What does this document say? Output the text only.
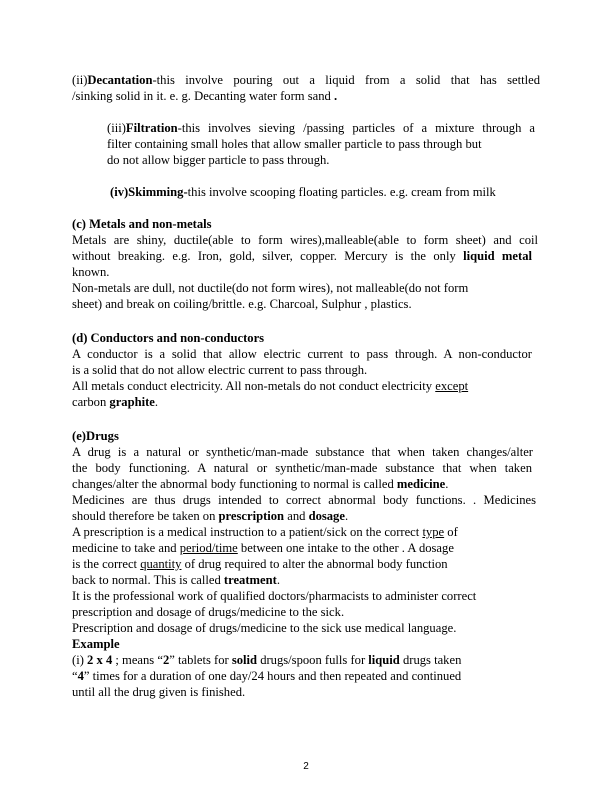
(ii)Decantation-this involve pouring out a liquid from a solid that has settled
/sinking solid in it. e. g. Decanting water form sand .
(iii)Filtration-this involves sieving /passing particles of a mixture through a
filter containing small holes that allow smaller particle to pass through but
do not allow bigger particle to pass through.
(iv)Skimming-this involve scooping floating particles. e.g. cream from milk
(c) Metals and non-metals
Metals are shiny, ductile(able to form wires),malleable(able to form sheet) and coil
without breaking. e.g. Iron, gold, silver, copper. Mercury is the only liquid metal
known.
Non-metals are dull, not ductile(do not form wires), not malleable(do not form
sheet) and break on coiling/brittle. e.g. Charcoal, Sulphur , plastics.
(d) Conductors and non-conductors
A conductor is a solid that allow electric current to pass through. A non-conductor
is a solid that do not allow electric current to pass through.
All metals conduct electricity. All non-metals do not conduct electricity except
carbon graphite.
(e)Drugs
A drug is a natural or synthetic/man-made substance that when taken changes/alter
the body functioning. A natural or synthetic/man-made substance that when taken
changes/alter the abnormal body functioning to normal is called medicine.
Medicines are thus drugs intended to correct abnormal body functions. . Medicines
should therefore be taken on prescription and dosage.
A prescription is a medical instruction to a patient/sick on the correct type of
medicine to take and period/time between one intake to the other . A dosage
is the correct quantity of drug required to alter the abnormal body function
back to normal. This is called treatment.
It is the professional work of qualified doctors/pharmacists to administer correct
prescription and dosage of drugs/medicine to the sick.
Prescription and dosage of drugs/medicine to the sick use medical language.
Example
(i) 2 x 4 ; means “2” tablets for solid drugs/spoon fulls for liquid drugs taken
“4” times for a duration of one day/24 hours and then repeated and continued
until all the drug given is finished.
2
